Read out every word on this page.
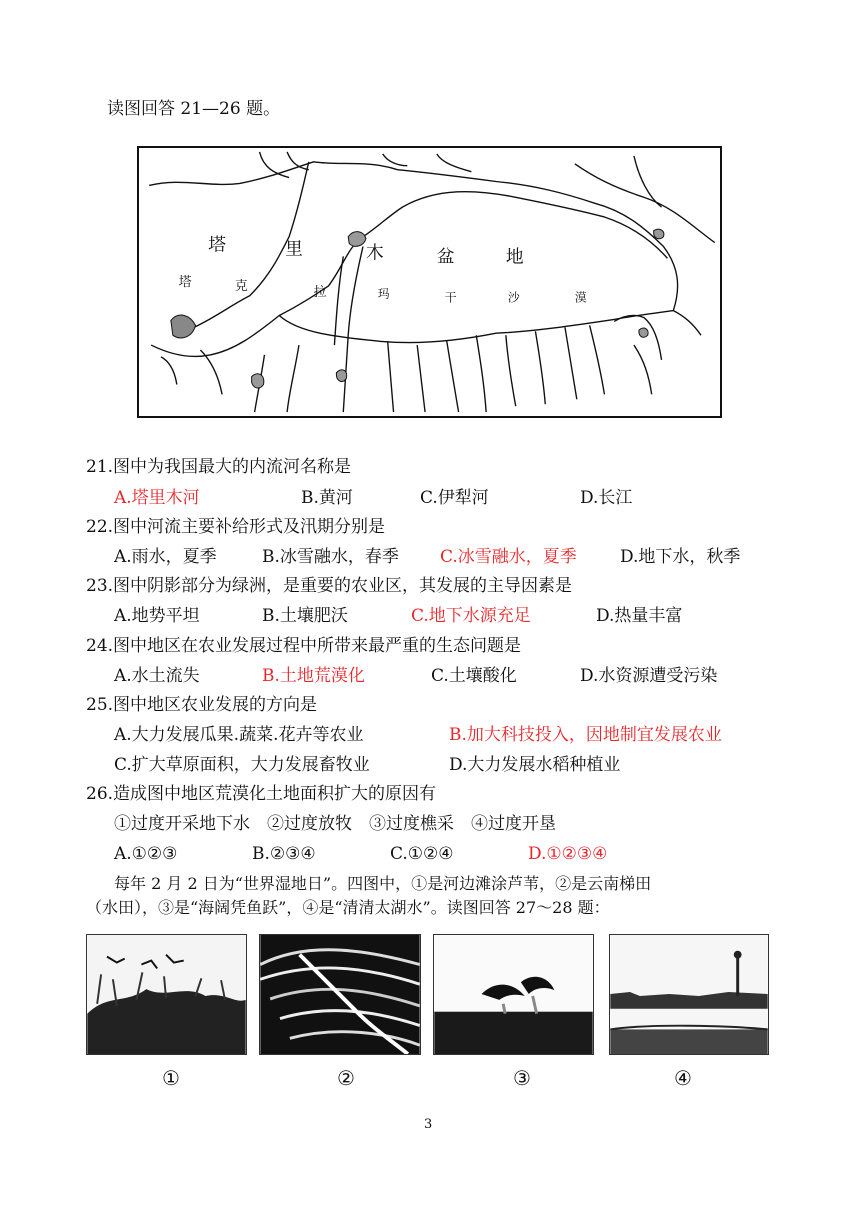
读图回答 21—26 题。
塔	里	木	盆	地
塔	克	拉	玛	干	沙	漠
21.图中为我国最大的内流河名称是
A.塔里木河	B.黄河	C.伊犁河	D.长江
22.图中河流主要补给形式及汛期分别是
A.雨水，夏季	B.冰雪融水，春季 C.冰雪融水，夏季	D.地下水，秋季
23.图中阴影部分为绿洲，是重要的农业区，其发展的主导因素是
A.地势平坦	B.土壤肥沃	C.地下水源充足	D.热量丰富
24.图中地区在农业发展过程中所带来最严重的生态问题是
A.水土流失	B.土地荒漠化	C.土壤酸化	D.水资源遭受污染
25.图中地区农业发展的方向是
A.大力发展瓜果.蔬菜.花卉等农业	B.加大科技投入，因地制宜发展农业
C.扩大草原面积，大力发展畜牧业	D.大力发展水稻种植业
26.造成图中地区荒漠化土地面积扩大的原因有
①过度开采地下水　②过度放牧　③过度樵采　④过度开垦
A.①②③	B.②③④	C.①②④	D.①②③④
每年 2 月 2 日为“世界湿地日”。四图中，①是河边滩涂芦苇，②是云南梯田
（水田），③是“海阔凭鱼跃”，④是“清清太湖水”。读图回答 27～28 题：
①	②	③	④
3
